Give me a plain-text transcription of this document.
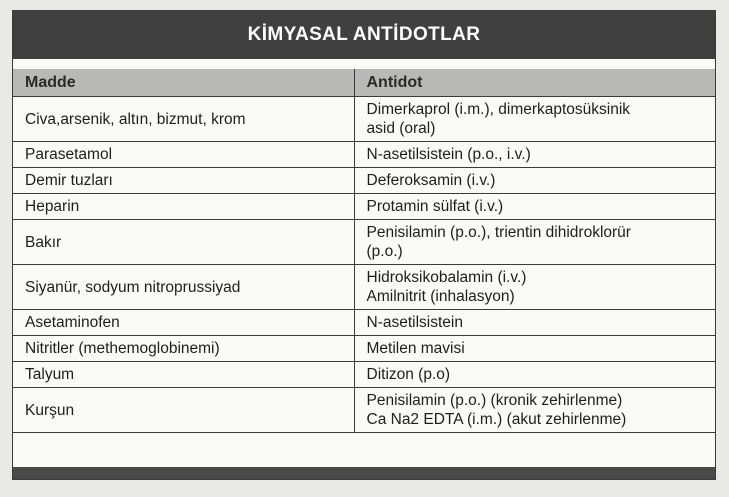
KİMYASAL ANTİDOTLAR
Madde	Antidot
Civa,arsenik, altın, bizmut, krom	Dimerkaprol (i.m.), dimerkaptosüksinik
asid (oral)

Parasetamol	N-asetilsistein (p.o., i.v.)

Demir tuzları	Deferoksamin (i.v.)

Heparin	Protamin sülfat (i.v.)

Bakır	Penisilamin (p.o.), trientin dihidroklorür
(p.o.)

Siyanür, sodyum nitroprussiyad	Hidroksikobalamin (i.v.)
Amilnitrit (inhalasyon)

Asetaminofen	N-asetilsistein

Nitritler (methemoglobinemi)	Metilen mavisi

Talyum	Ditizon (p.o)

Kurşun	Penisilamin (p.o.) (kronik zehirlenme)
Ca Na2 EDTA (i.m.) (akut zehirlenme)
